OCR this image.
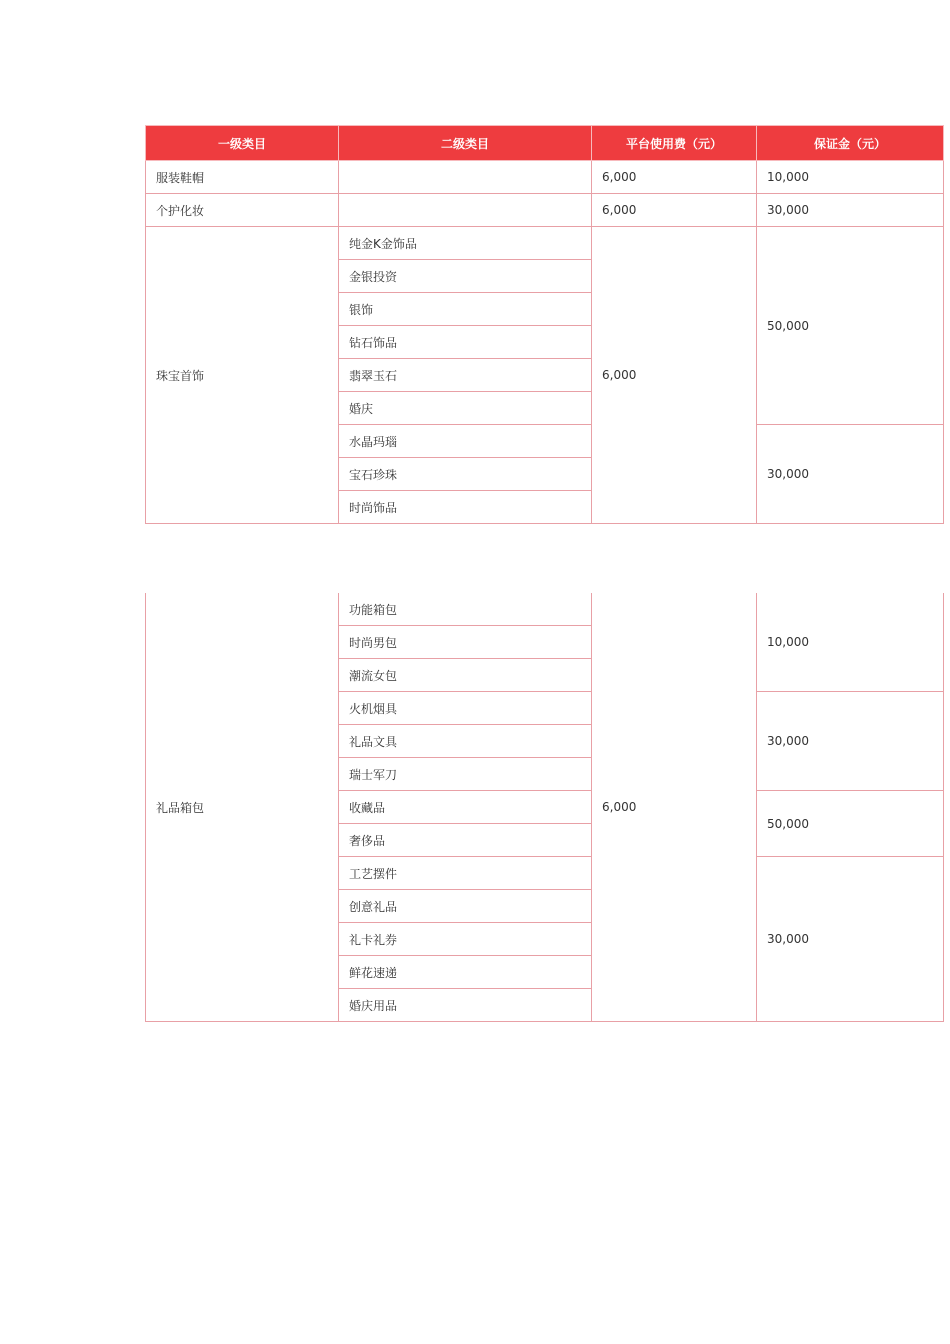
一级类目	二级类目	平台使用费（元）	保证金（元）
服装鞋帽		6,000	10,000
个护化妆		6,000	30,000
珠宝首饰	纯金K金饰品	6,000	50,000
	金银投资		
	银饰		
	钻石饰品		
	翡翠玉石		
	婚庆		
	水晶玛瑙		30,000
	宝石珍珠		
	时尚饰品		
礼品箱包	功能箱包	6,000	10,000
	时尚男包		
	潮流女包		
	火机烟具		30,000
	礼品文具		
	瑞士军刀		
	收藏品		50,000
	奢侈品		
	工艺摆件		30,000
	创意礼品		
	礼卡礼券		
	鲜花速递		
	婚庆用品		
